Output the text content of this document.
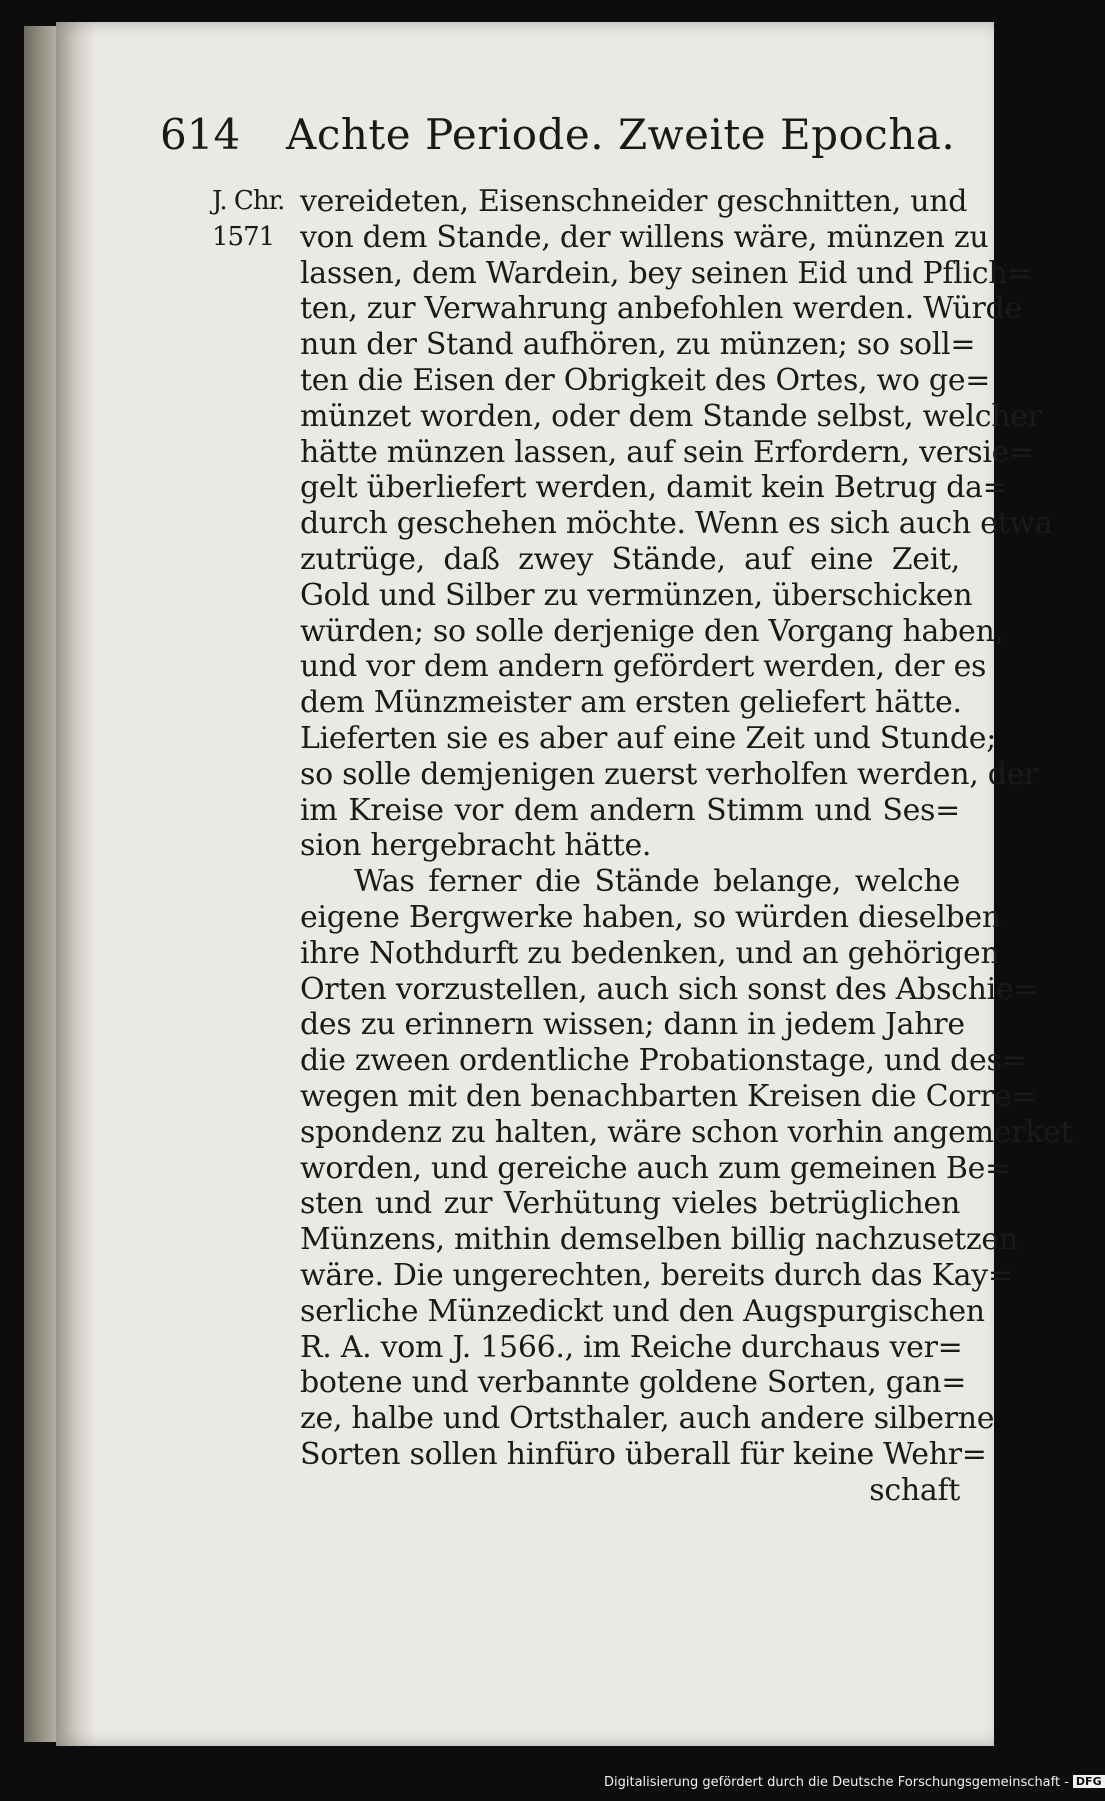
614 Achte Periode. Zweite Epocha.
J. Chr.
1571
vereideten, Eisenschneider geschnitten, und
von dem Stande, der willens wäre, münzen zu
lassen, dem Wardein, bey seinen Eid und Pflich=
ten, zur Verwahrung anbefohlen werden. Würde
nun der Stand aufhören, zu münzen; so soll=
ten die Eisen der Obrigkeit des Ortes, wo ge=
münzet worden, oder dem Stande selbst, welcher
hätte münzen lassen, auf sein Erfordern, versie=
gelt überliefert werden, damit kein Betrug da=
durch geschehen möchte. Wenn es sich auch etwa
zutrüge, daß zwey Stände, auf eine Zeit,
Gold und Silber zu vermünzen, überschicken
würden; so solle derjenige den Vorgang haben,
und vor dem andern gefördert werden, der es
dem Münzmeister am ersten geliefert hätte.
Lieferten sie es aber auf eine Zeit und Stunde;
so solle demjenigen zuerst verholfen werden, der
im Kreise vor dem andern Stimm und Ses=
sion hergebracht hätte.
Was ferner die Stände belange, welche
eigene Bergwerke haben, so würden dieselben
ihre Nothdurft zu bedenken, und an gehörigen
Orten vorzustellen, auch sich sonst des Abschie=
des zu erinnern wissen; dann in jedem Jahre
die zween ordentliche Probationstage, und des=
wegen mit den benachbarten Kreisen die Corre=
spondenz zu halten, wäre schon vorhin angemerket
worden, und gereiche auch zum gemeinen Be=
sten und zur Verhütung vieles betrüglichen
Münzens, mithin demselben billig nachzusetzen
wäre. Die ungerechten, bereits durch das Kay=
serliche Münzedickt und den Augspurgischen
R. A. vom J. 1566., im Reiche durchaus ver=
botene und verbannte goldene Sorten, gan=
ze, halbe und Ortsthaler, auch andere silberne
Sorten sollen hinfüro überall für keine Wehr=
schaft
Digitalisierung gefördert durch die Deutsche Forschungsgemeinschaft - DFG
